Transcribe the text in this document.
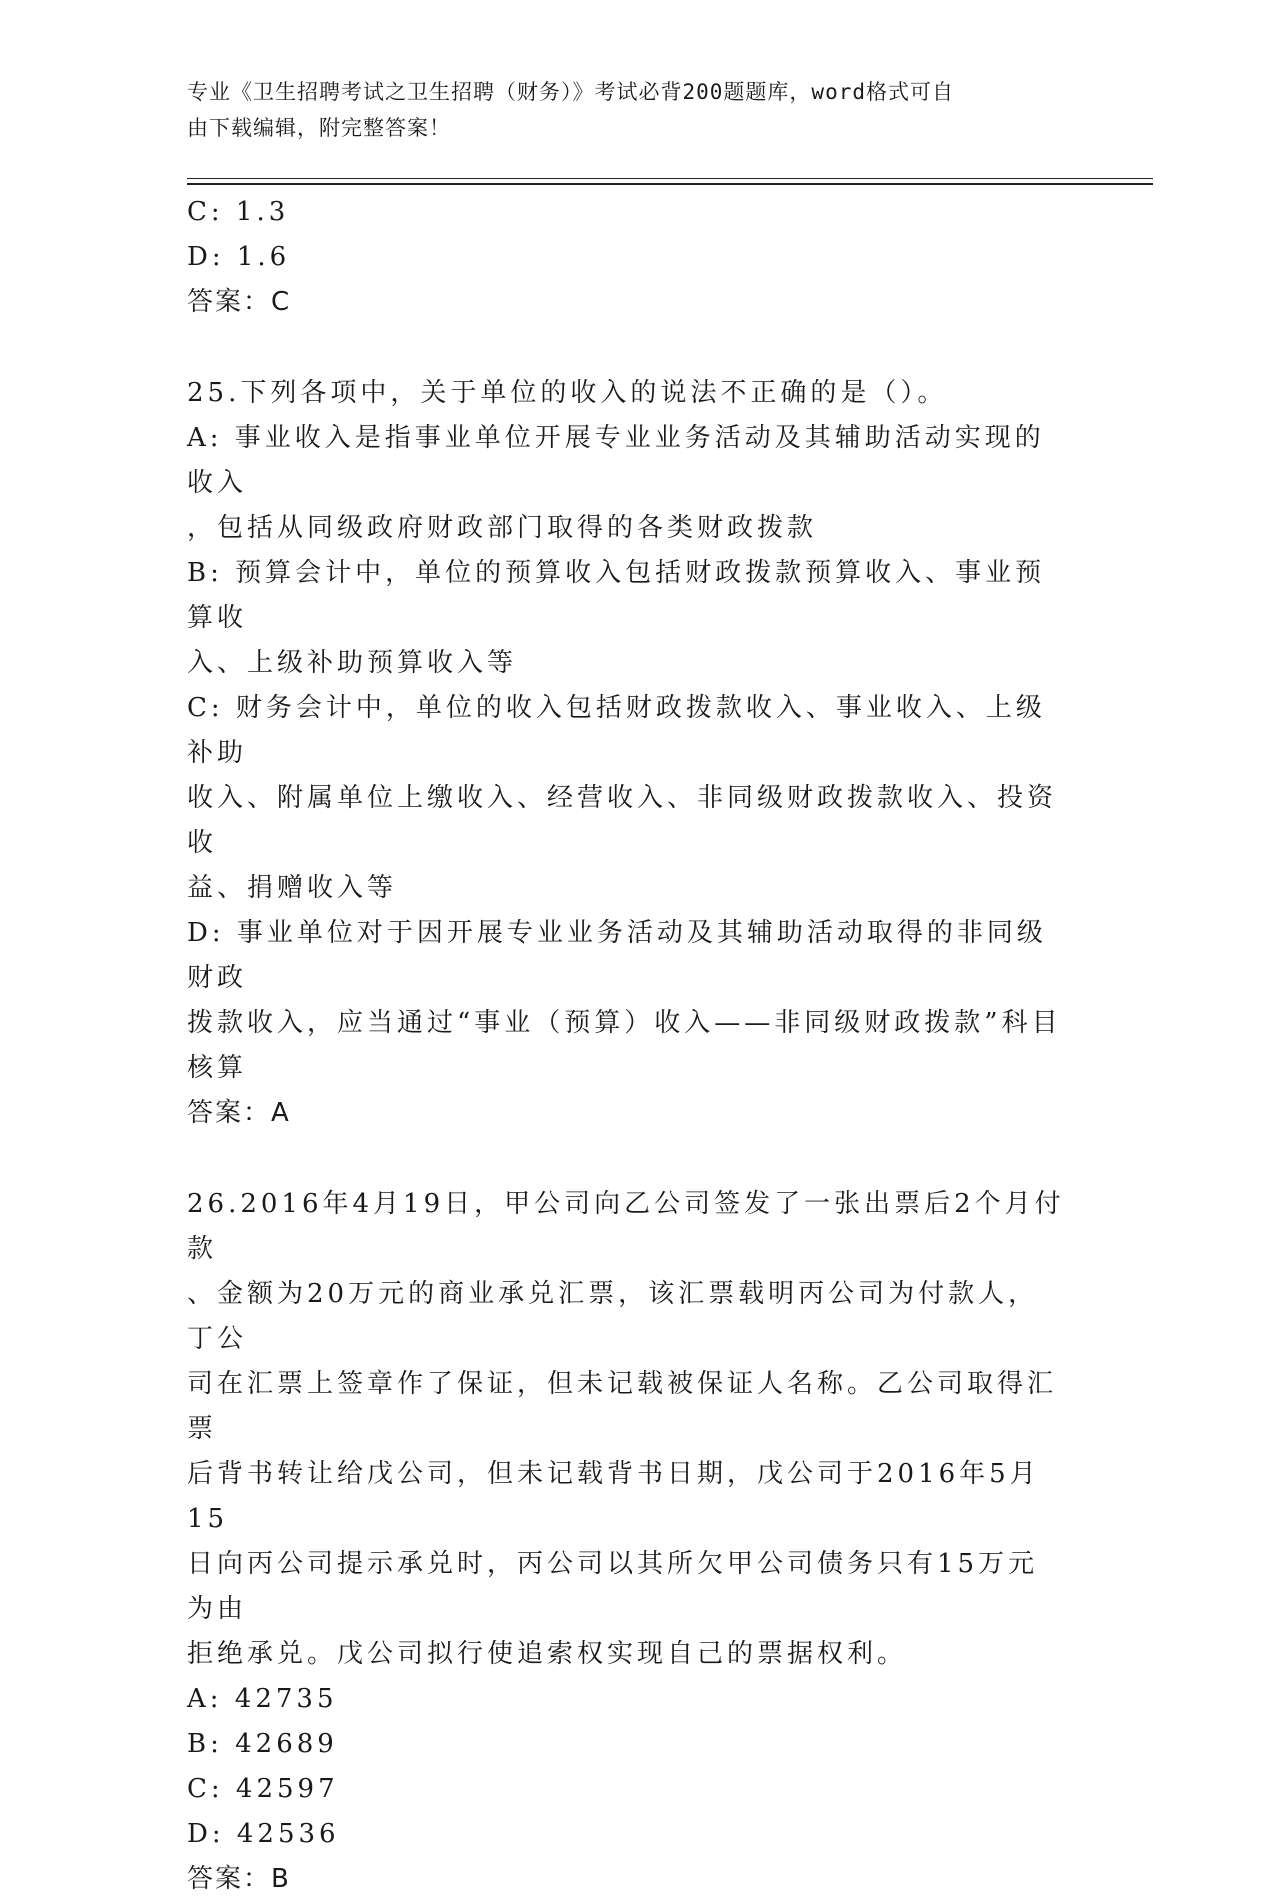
专业《卫生招聘考试之卫生招聘（财务）》考试必背200题题库，word格式可自
由下载编辑，附完整答案！
C: 1.3
D: 1.6
答案：C
25.下列各项中，关于单位的收入的说法不正确的是（）。
A: 事业收入是指事业单位开展专业业务活动及其辅助活动实现的收入
，包括从同级政府财政部门取得的各类财政拨款
B: 预算会计中，单位的预算收入包括财政拨款预算收入、事业预算收
入、上级补助预算收入等
C: 财务会计中，单位的收入包括财政拨款收入、事业收入、上级补助
收入、附属单位上缴收入、经营收入、非同级财政拨款收入、投资收
益、捐赠收入等
D: 事业单位对于因开展专业业务活动及其辅助活动取得的非同级财政
拨款收入，应当通过“事业（预算）收入——非同级财政拨款”科目
核算
答案：A
26.2016年4月19日，甲公司向乙公司签发了一张出票后2个月付款
、金额为20万元的商业承兑汇票，该汇票载明丙公司为付款人，丁公
司在汇票上签章作了保证，但未记载被保证人名称。乙公司取得汇票
后背书转让给戊公司，但未记载背书日期，戊公司于2016年5月15
日向丙公司提示承兑时，丙公司以其所欠甲公司债务只有15万元为由
拒绝承兑。戊公司拟行使追索权实现自己的票据权利。
A: 42735
B: 42689
C: 42597
D: 42536
答案：B
